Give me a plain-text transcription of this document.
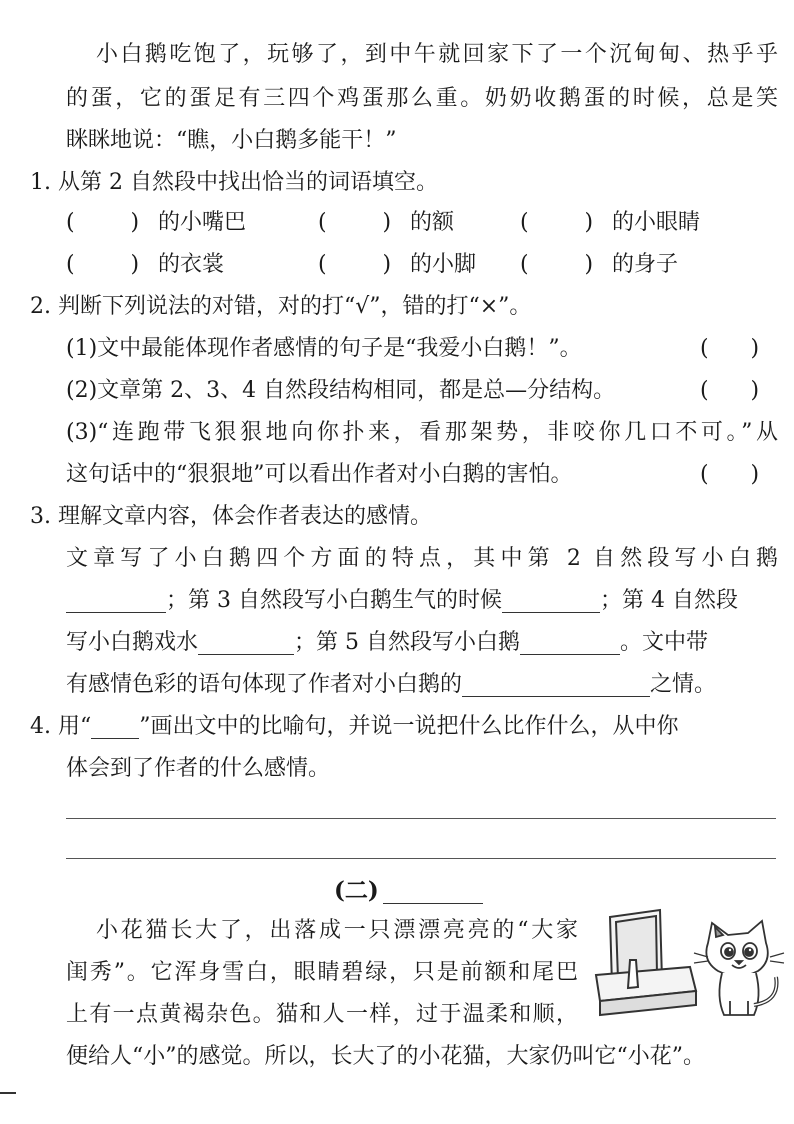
小白鹅吃饱了，玩够了，到中午就回家下了一个沉甸甸、热乎乎
的蛋，它的蛋足有三四个鸡蛋那么重。奶奶收鹅蛋的时候，总是笑
眯眯地说：“瞧，小白鹅多能干！”
1. 从第 2 自然段中找出恰当的词语填空。
(        ) 的小嘴巴	(        ) 的额	(        ) 的小眼睛
(        ) 的衣裳	(        ) 的小脚 (        ) 的身子
2. 判断下列说法的对错，对的打“√”，错的打“×”。
(1)文中最能体现作者感情的句子是“我爱小白鹅！”。	(      )
(2)文章第 2、3、4 自然段结构相同，都是总—分结构。	(      )
(3)“连跑带飞狠狠地向你扑来，看那架势，非咬你几口不可。”从
这句话中的“狠狠地”可以看出作者对小白鹅的害怕。	(      )
3. 理解文章内容，体会作者表达的感情。
文章写了小白鹅四个方面的特点，其中第 2 自然段写小白鹅
；第 3 自然段写小白鹅生气的时候	；第 4 自然段
写小白鹅戏水	；第 5 自然段写小白鹅	。文中带
有感情色彩的语句体现了作者对小白鹅的	之情。
4. 用“ ”画出文中的比喻句，并说一说把什么比作什么，从中你
体会到了作者的什么感情。
(二)
小花猫长大了，出落成一只漂漂亮亮的“大家
闺秀”。它浑身雪白，眼睛碧绿，只是前额和尾巴
上有一点黄褐杂色。猫和人一样，过于温柔和顺，
便给人“小”的感觉。所以，长大了的小花猫，大家仍叫它“小花”。
